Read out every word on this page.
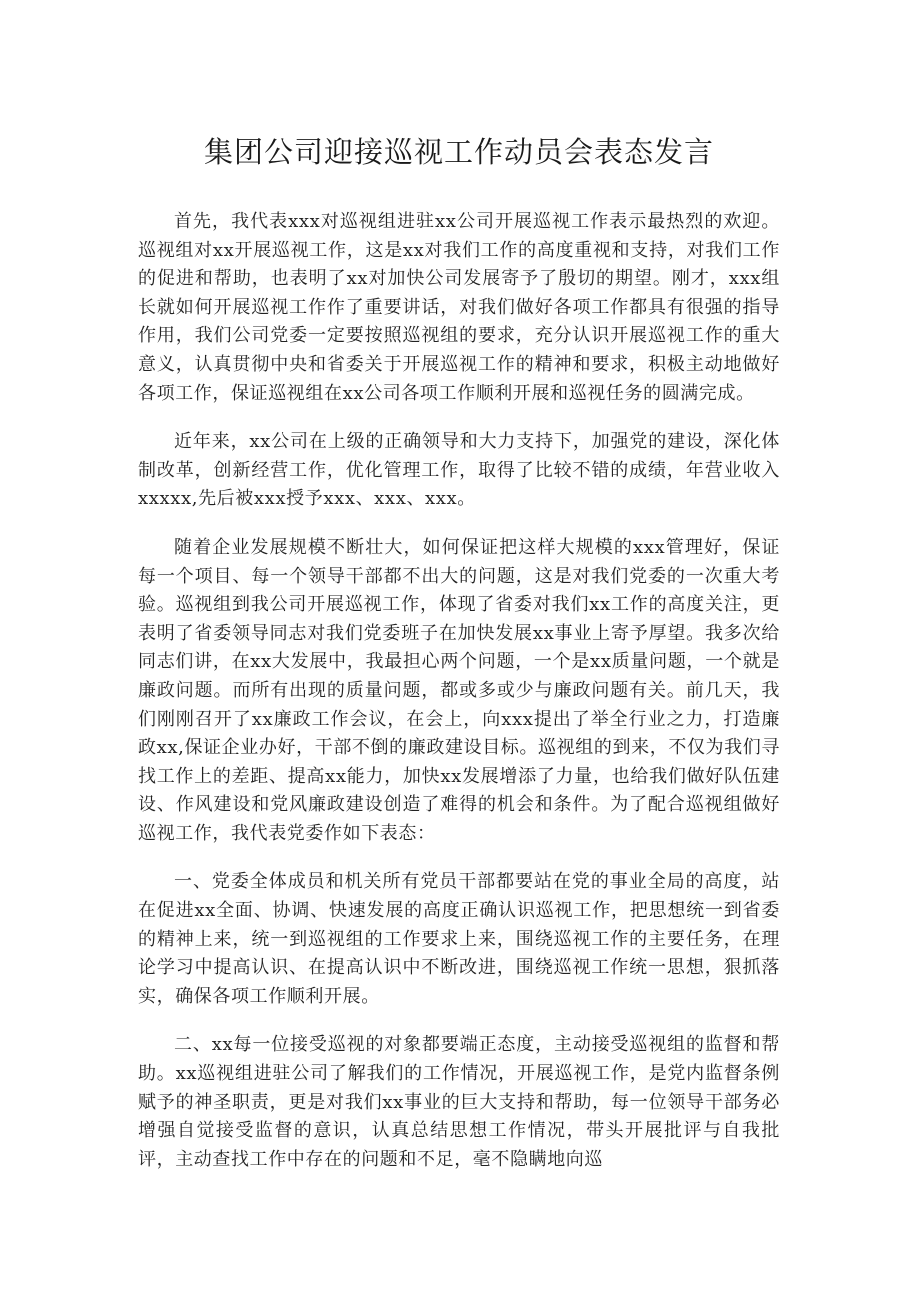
集团公司迎接巡视工作动员会表态发言

首先，我代表xxx对巡视组进驻xx公司开展巡视工作表示最热烈的欢迎。巡视组对xx开展巡视工作，这是xx对我们工作的高度重视和支持，对我们工作的促进和帮助，也表明了xx对加快公司发展寄予了殷切的期望。刚才，xxx组长就如何开展巡视工作作了重要讲话，对我们做好各项工作都具有很强的指导作用，我们公司党委一定要按照巡视组的要求，充分认识开展巡视工作的重大意义，认真贯彻中央和省委关于开展巡视工作的精神和要求，积极主动地做好各项工作，保证巡视组在xx公司各项工作顺利开展和巡视任务的圆满完成。

近年来，xx公司在上级的正确领导和大力支持下，加强党的建设，深化体制改革，创新经营工作，优化管理工作，取得了比较不错的成绩，年营业收入xxxxx,先后被xxx授予xxx、xxx、xxx。

随着企业发展规模不断壮大，如何保证把这样大规模的xxx管理好，保证每一个项目、每一个领导干部都不出大的问题，这是对我们党委的一次重大考验。巡视组到我公司开展巡视工作，体现了省委对我们xx工作的高度关注，更表明了省委领导同志对我们党委班子在加快发展xx事业上寄予厚望。我多次给同志们讲，在xx大发展中，我最担心两个问题，一个是xx质量问题，一个就是廉政问题。而所有出现的质量问题，都或多或少与廉政问题有关。前几天，我们刚刚召开了xx廉政工作会议，在会上，向xxx提出了举全行业之力，打造廉政xx,保证企业办好，干部不倒的廉政建设目标。巡视组的到来，不仅为我们寻找工作上的差距、提高xx能力，加快xx发展增添了力量，也给我们做好队伍建设、作风建设和党风廉政建设创造了难得的机会和条件。为了配合巡视组做好巡视工作，我代表党委作如下表态：

一、党委全体成员和机关所有党员干部都要站在党的事业全局的高度，站在促进xx全面、协调、快速发展的高度正确认识巡视工作，把思想统一到省委的精神上来，统一到巡视组的工作要求上来，围绕巡视工作的主要任务，在理论学习中提高认识、在提高认识中不断改进，围绕巡视工作统一思想，狠抓落实，确保各项工作顺利开展。

二、xx每一位接受巡视的对象都要端正态度，主动接受巡视组的监督和帮助。xx巡视组进驻公司了解我们的工作情况，开展巡视工作，是党内监督条例赋予的神圣职责，更是对我们xx事业的巨大支持和帮助，每一位领导干部务必增强自觉接受监督的意识，认真总结思想工作情况，带头开展批评与自我批评，主动查找工作中存在的问题和不足，毫不隐瞒地向巡
